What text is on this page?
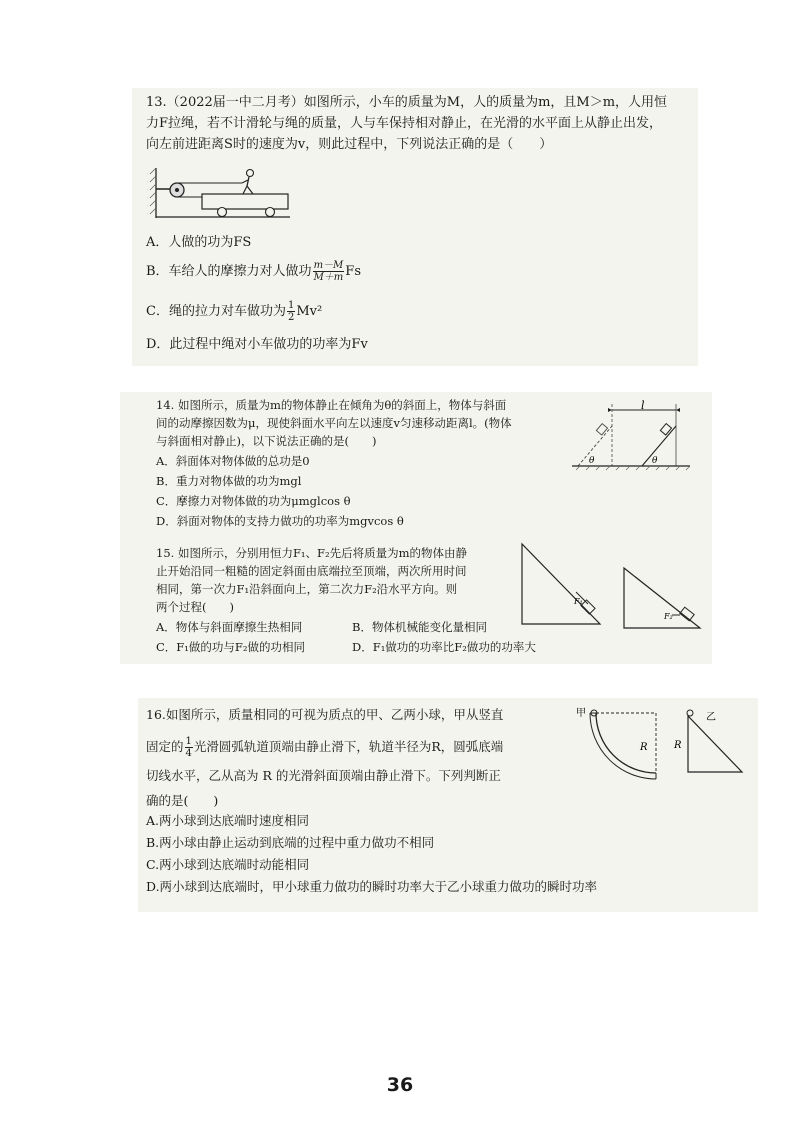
13.（2022届一中二月考）如图所示，小车的质量为M，人的质量为m，且M＞m，人用恒
力F拉绳，若不计滑轮与绳的质量，人与车保持相对静止，在光滑的水平面上从静止出发，
向左前进距离S时的速度为v，则此过程中，下列说法正确的是（　　）
A．人做的功为FS
B．车给人的摩擦力对人做功 $\frac{m-M}{M+m}$ Fs
C．绳的拉力对车做功为 $\frac{1}{2} Mv^2$
D．此过程中绳对小车做功的功率为Fv
14. 如图所示，质量为m的物体静止在倾角为θ的斜面上，物体与斜面
间的动摩擦因数为μ，现使斜面水平向左以速度v匀速移动距离l。(物体
与斜面相对静止)，以下说法正确的是(　　)
A．斜面体对物体做的总功是0
B．重力对物体做的功为mgl
C．摩擦力对物体做的功为μmglcos θ
D．斜面对物体的支持力做功的功率为mgvcos θ
l
θ	θ
15. 如图所示，分别用恒力F₁、F₂先后将质量为m的物体由静
止开始沿同一粗糙的固定斜面由底端拉至顶端，两次所用时间
相同，第一次力F₁沿斜面向上，第二次力F₂沿水平方向。则
两个过程(　　)
A．物体与斜面摩擦生热相同	B．物体机械能变化量相同
C．F₁做的功与F₂做的功相同	D．F₁做功的功率比F₂做功的功率大
F₁
F₂
16.如图所示，质量相同的可视为质点的甲、乙两小球，甲从竖直
固定的 $\frac{1}{4}$ 光滑圆弧轨道顶端由静止滑下，轨道半径为R，圆弧底端
切线水平，乙从高为 R 的光滑斜面顶端由静止滑下。下列判断正
确的是(　　)
A.两小球到达底端时速度相同
B.两小球由静止运动到底端的过程中重力做功不相同
C.两小球到达底端时动能相同
D.两小球到达底端时，甲小球重力做功的瞬时功率大于乙小球重力做功的瞬时功率
甲
R
乙
R
36
